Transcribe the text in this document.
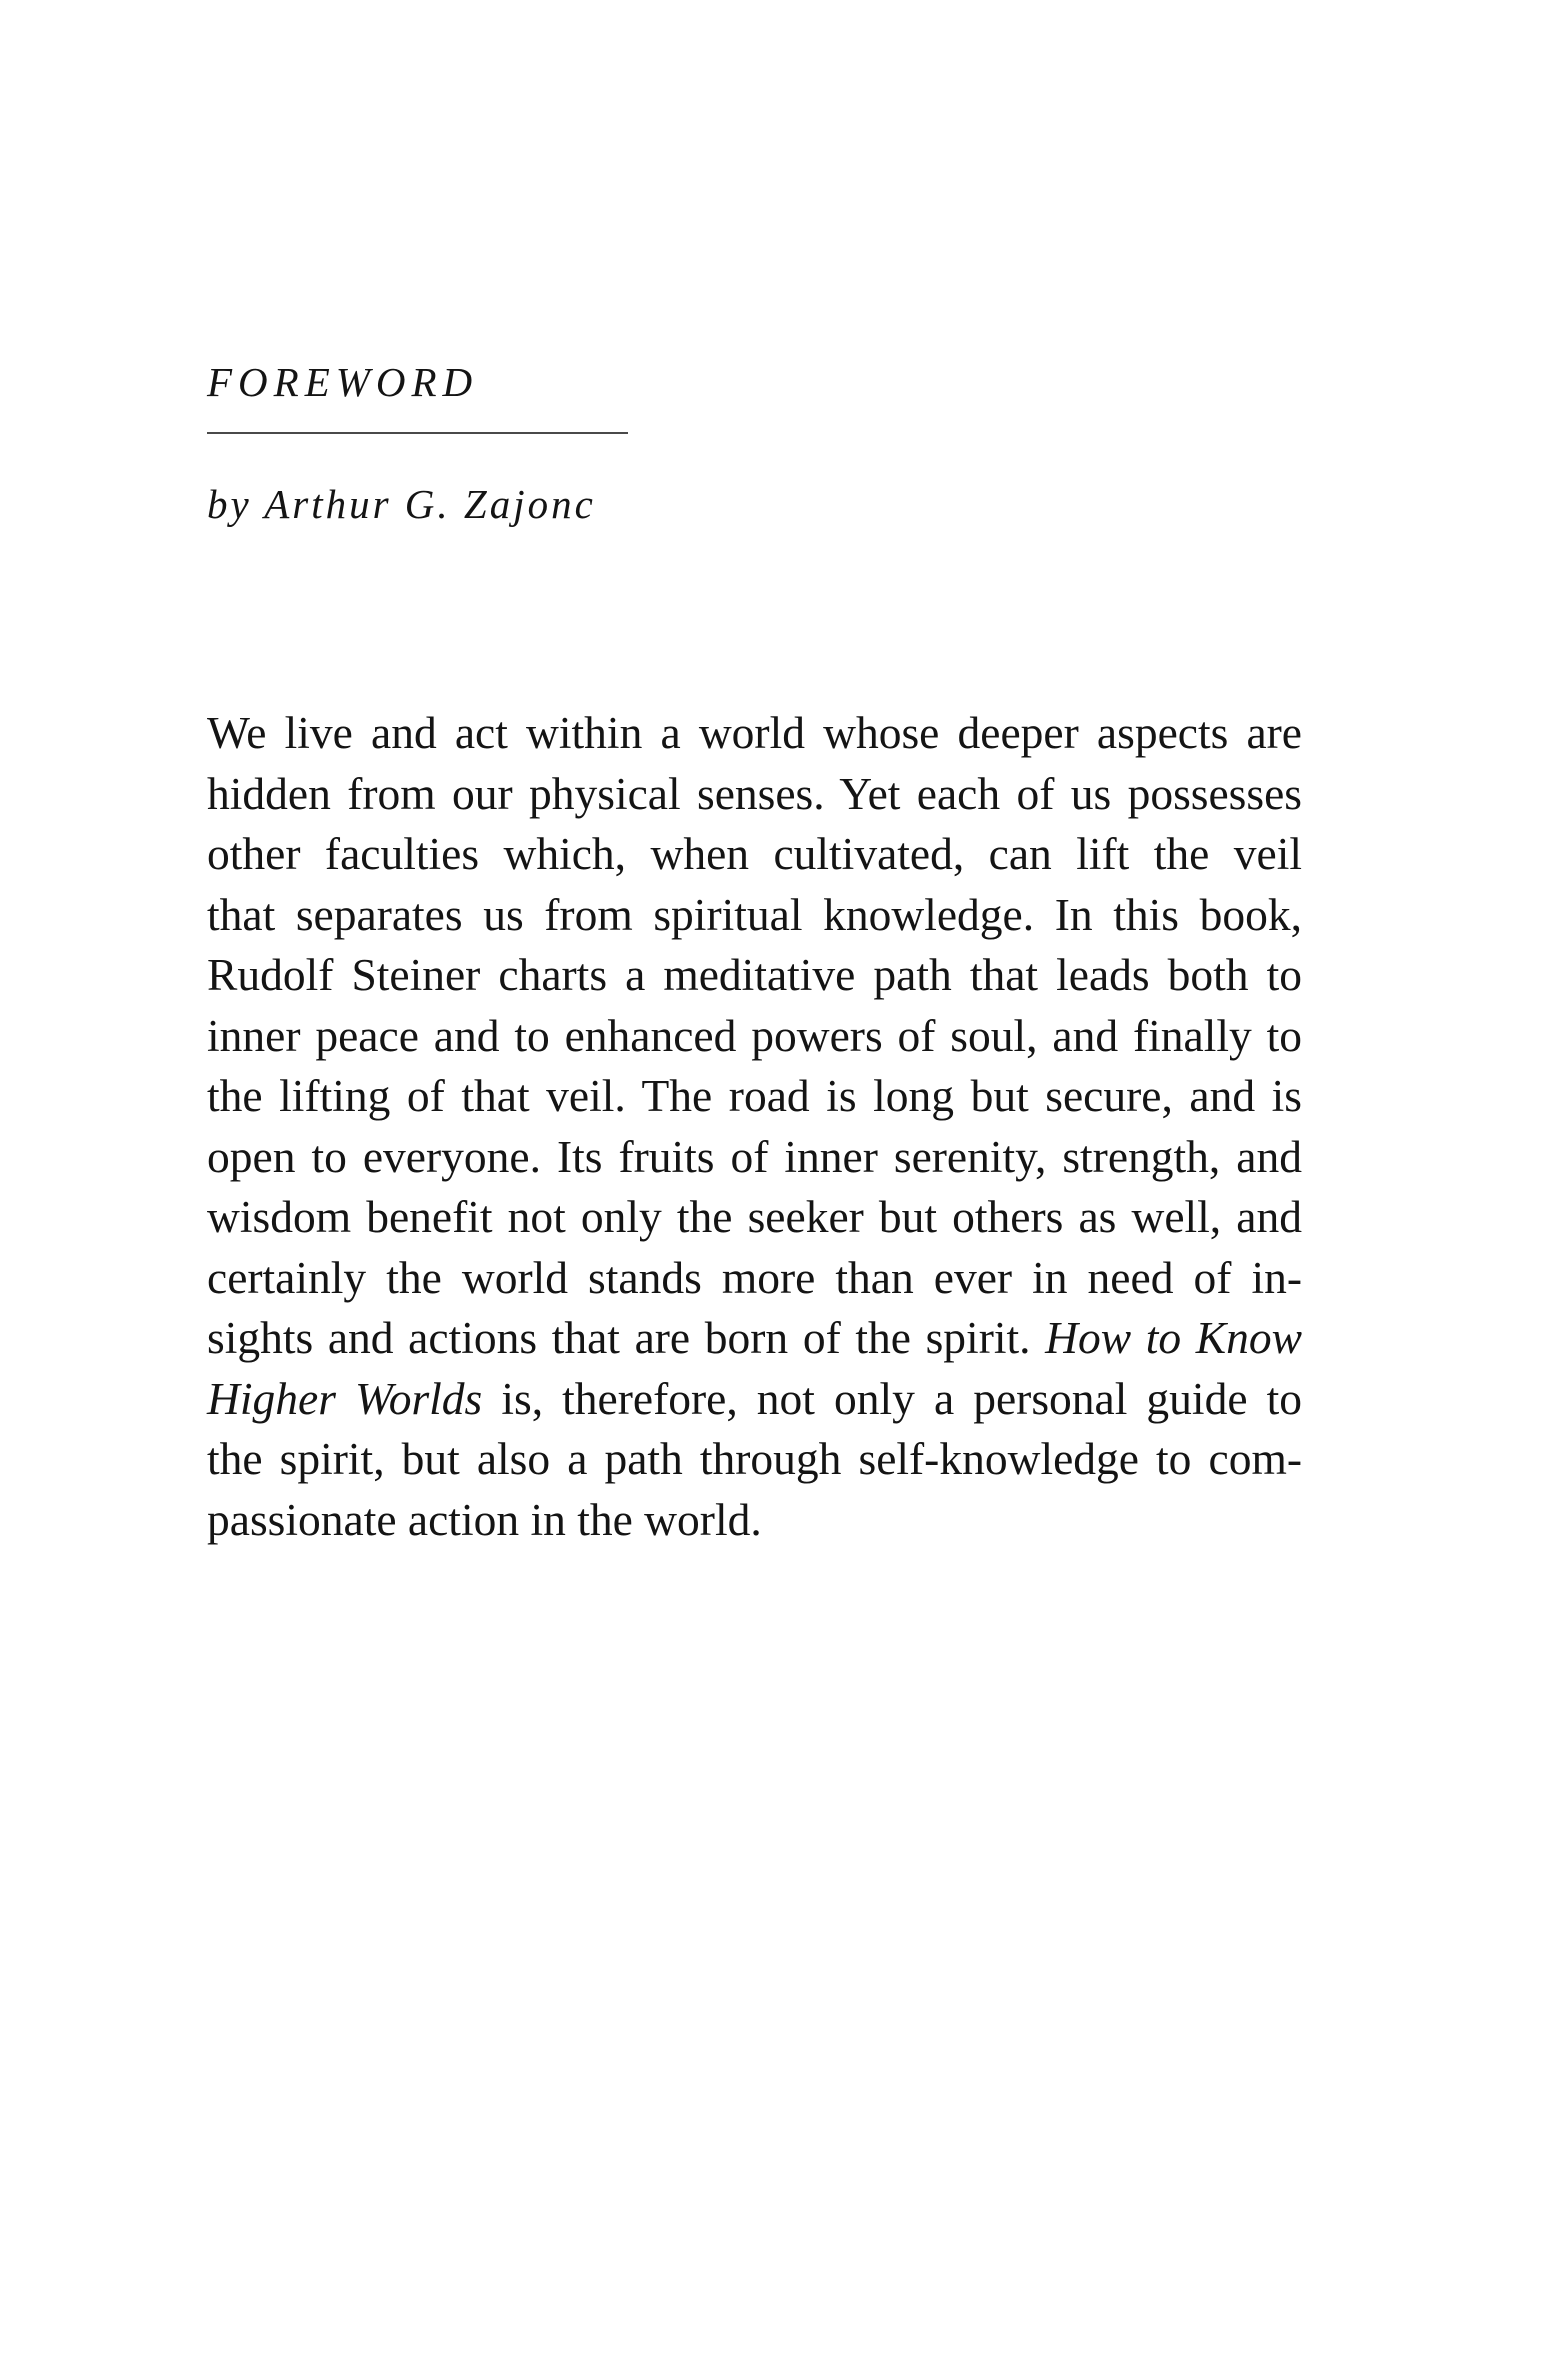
FOREWORD
by Arthur G. Zajonc
We live and act within a world whose deeper aspects are
hidden from our physical senses. Yet each of us possesses
other faculties which, when cultivated, can lift the veil
that separates us from spiritual knowledge. In this book,
Rudolf Steiner charts a meditative path that leads both to
inner peace and to enhanced powers of soul, and finally to
the lifting of that veil. The road is long but secure, and is
open to everyone. Its fruits of inner serenity, strength, and
wisdom benefit not only the seeker but others as well, and
certainly the world stands more than ever in need of in-
sights and actions that are born of the spirit. How to Know
Higher Worlds is, therefore, not only a personal guide to
the spirit, but also a path through self-knowledge to com-
passionate action in the world.
